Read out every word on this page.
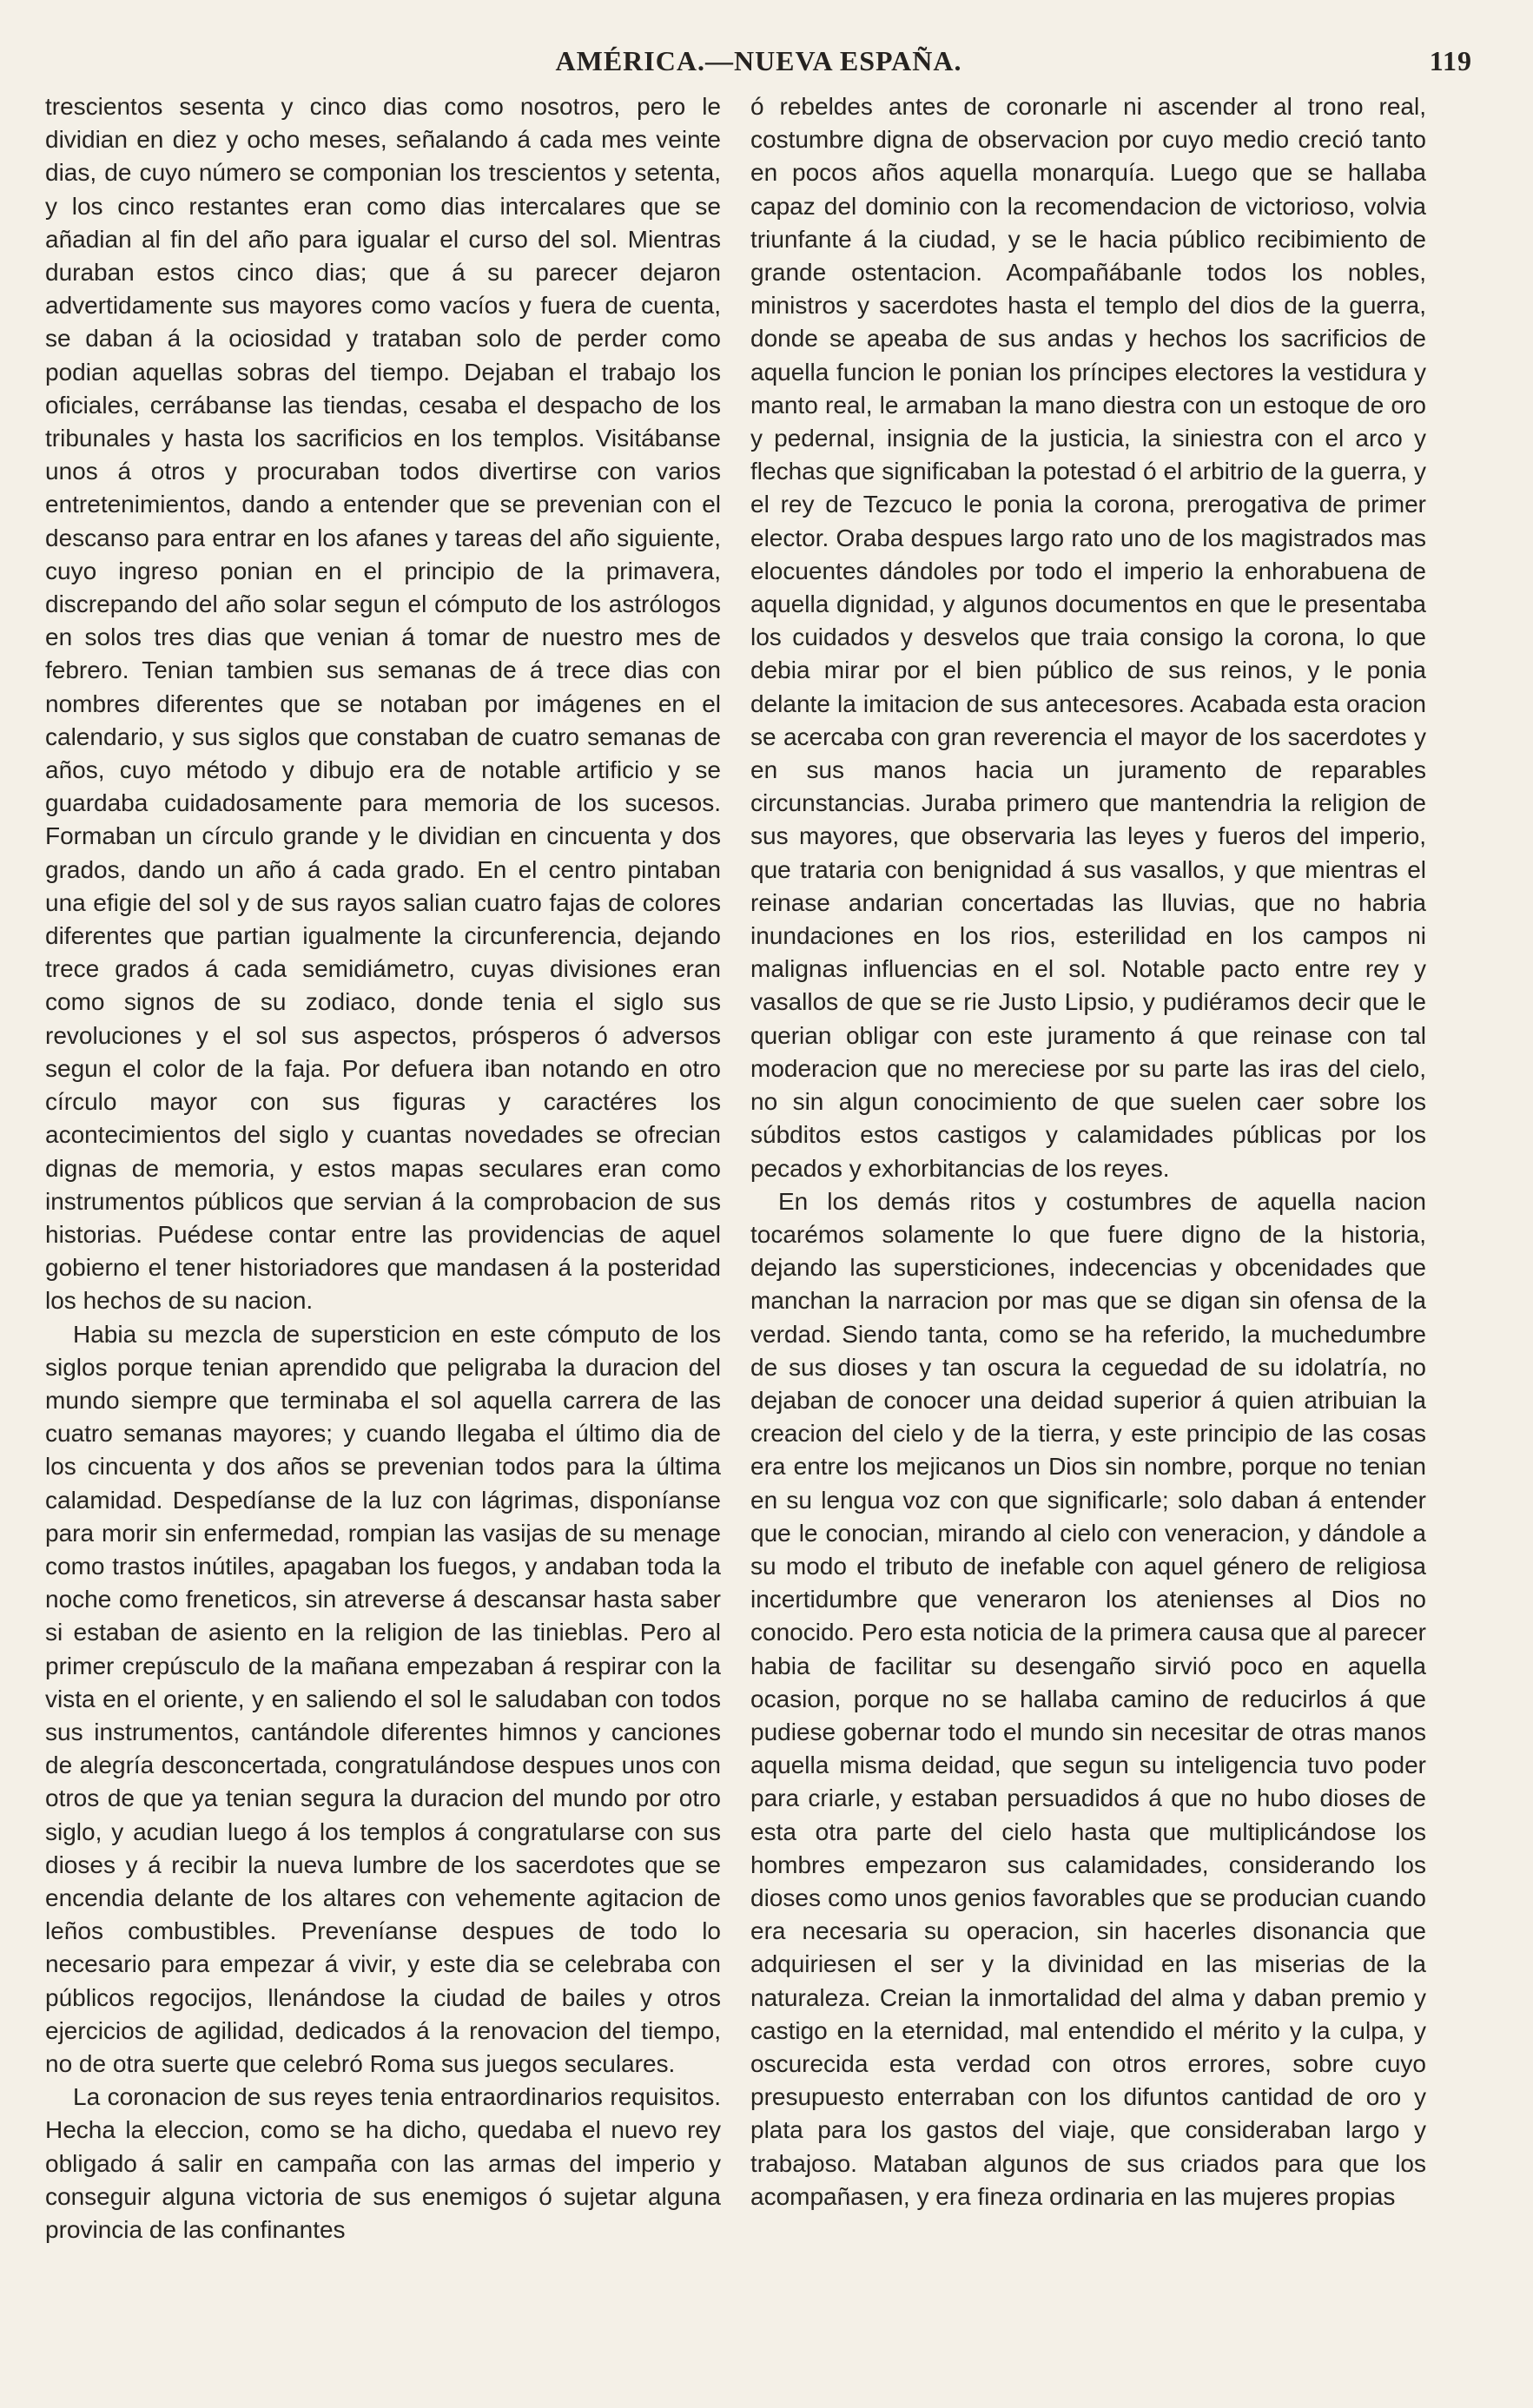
AMÉRICA.—NUEVA ESPAÑA.	119

trescientos sesenta y cinco dias como nosotros, pero le dividian en diez y ocho meses, señalando á cada mes veinte dias, de cuyo número se componian los trescientos y setenta, y los cinco restantes eran como dias intercalares que se añadian al fin del año para igualar el curso del sol. Mientras duraban estos cinco dias; que á su parecer dejaron advertidamente sus mayores como vacíos y fuera de cuenta, se daban á la ociosidad y trataban solo de perder como podian aquellas sobras del tiempo. Dejaban el trabajo los oficiales, cerrábanse las tiendas, cesaba el despacho de los tribunales y hasta los sacrificios en los templos. Visitábanse unos á otros y procuraban todos divertirse con varios entretenimientos, dando a entender que se prevenian con el descanso para entrar en los afanes y tareas del año siguiente, cuyo ingreso ponian en el principio de la primavera, discrepando del año solar segun el cómputo de los astrólogos en solos tres dias que venian á tomar de nuestro mes de febrero. Tenian tambien sus semanas de á trece dias con nombres diferentes que se notaban por imágenes en el calendario, y sus siglos que constaban de cuatro semanas de años, cuyo método y dibujo era de notable artificio y se guardaba cuidadosamente para memoria de los sucesos. Formaban un círculo grande y le dividian en cincuenta y dos grados, dando un año á cada grado. En el centro pintaban una efigie del sol y de sus rayos salian cuatro fajas de colores diferentes que partian igualmente la circunferencia, dejando trece grados á cada semidiámetro, cuyas divisiones eran como signos de su zodiaco, donde tenia el siglo sus revoluciones y el sol sus aspectos, prósperos ó adversos segun el color de la faja. Por defuera iban notando en otro círculo mayor con sus figuras y caractéres los acontecimientos del siglo y cuantas novedades se ofrecian dignas de memoria, y estos mapas seculares eran como instrumentos públicos que servian á la comprobacion de sus historias. Puédese contar entre las providencias de aquel gobierno el tener historiadores que mandasen á la posteridad los hechos de su nacion.

Habia su mezcla de supersticion en este cómputo de los siglos porque tenian aprendido que peligraba la duracion del mundo siempre que terminaba el sol aquella carrera de las cuatro semanas mayores; y cuando llegaba el último dia de los cincuenta y dos años se prevenian todos para la última calamidad. Despedíanse de la luz con lágrimas, disponíanse para morir sin enfermedad, rompian las vasijas de su menage como trastos inútiles, apagaban los fuegos, y andaban toda la noche como freneticos, sin atreverse á descansar hasta saber si estaban de asiento en la religion de las tinieblas. Pero al primer crepúsculo de la mañana empezaban á respirar con la vista en el oriente, y en saliendo el sol le saludaban con todos sus instrumentos, cantándole diferentes himnos y canciones de alegría desconcertada, congratulándose despues unos con otros de que ya tenian segura la duracion del mundo por otro siglo, y acudian luego á los templos á congratularse con sus dioses y á recibir la nueva lumbre de los sacerdotes que se encendia delante de los altares con vehemente agitacion de leños combustibles. Preveníanse despues de todo lo necesario para empezar á vivir, y este dia se celebraba con públicos regocijos, llenándose la ciudad de bailes y otros ejercicios de agilidad, dedicados á la renovacion del tiempo, no de otra suerte que celebró Roma sus juegos seculares.

La coronacion de sus reyes tenia entraordinarios requisitos. Hecha la eleccion, como se ha dicho, quedaba el nuevo rey obligado á salir en campaña con las armas del imperio y conseguir alguna victoria de sus enemigos ó sujetar alguna provincia de las confinantes

ó rebeldes antes de coronarle ni ascender al trono real, costumbre digna de observacion por cuyo medio creció tanto en pocos años aquella monarquía. Luego que se hallaba capaz del dominio con la recomendacion de victorioso, volvia triunfante á la ciudad, y se le hacia público recibimiento de grande ostentacion. Acompañábanle todos los nobles, ministros y sacerdotes hasta el templo del dios de la guerra, donde se apeaba de sus andas y hechos los sacrificios de aquella funcion le ponian los príncipes electores la vestidura y manto real, le armaban la mano diestra con un estoque de oro y pedernal, insignia de la justicia, la siniestra con el arco y flechas que significaban la potestad ó el arbitrio de la guerra, y el rey de Tezcuco le ponia la corona, prerogativa de primer elector. Oraba despues largo rato uno de los magistrados mas elocuentes dándoles por todo el imperio la enhorabuena de aquella dignidad, y algunos documentos en que le presentaba los cuidados y desvelos que traia consigo la corona, lo que debia mirar por el bien público de sus reinos, y le ponia delante la imitacion de sus antecesores. Acabada esta oracion se acercaba con gran reverencia el mayor de los sacerdotes y en sus manos hacia un juramento de reparables circunstancias. Juraba primero que mantendria la religion de sus mayores, que observaria las leyes y fueros del imperio, que trataria con benignidad á sus vasallos, y que mientras el reinase andarian concertadas las lluvias, que no habria inundaciones en los rios, esterilidad en los campos ni malignas influencias en el sol. Notable pacto entre rey y vasallos de que se rie Justo Lipsio, y pudiéramos decir que le querian obligar con este juramento á que reinase con tal moderacion que no mereciese por su parte las iras del cielo, no sin algun conocimiento de que suelen caer sobre los súbditos estos castigos y calamidades públicas por los pecados y exhorbitancias de los reyes.

En los demás ritos y costumbres de aquella nacion tocarémos solamente lo que fuere digno de la historia, dejando las supersticiones, indecencias y obcenidades que manchan la narracion por mas que se digan sin ofensa de la verdad. Siendo tanta, como se ha referido, la muchedumbre de sus dioses y tan oscura la ceguedad de su idolatría, no dejaban de conocer una deidad superior á quien atribuian la creacion del cielo y de la tierra, y este principio de las cosas era entre los mejicanos un Dios sin nombre, porque no tenian en su lengua voz con que significarle; solo daban á entender que le conocian, mirando al cielo con veneracion, y dándole a su modo el tributo de inefable con aquel género de religiosa incertidumbre que veneraron los atenienses al Dios no conocido. Pero esta noticia de la primera causa que al parecer habia de facilitar su desengaño sirvió poco en aquella ocasion, porque no se hallaba camino de reducirlos á que pudiese gobernar todo el mundo sin necesitar de otras manos aquella misma deidad, que segun su inteligencia tuvo poder para criarle, y estaban persuadidos á que no hubo dioses de esta otra parte del cielo hasta que multiplicándose los hombres empezaron sus calamidades, considerando los dioses como unos genios favorables que se producian cuando era necesaria su operacion, sin hacerles disonancia que adquiriesen el ser y la divinidad en las miserias de la naturaleza. Creian la inmortalidad del alma y daban premio y castigo en la eternidad, mal entendido el mérito y la culpa, y oscurecida esta verdad con otros errores, sobre cuyo presupuesto enterraban con los difuntos cantidad de oro y plata para los gastos del viaje, que consideraban largo y trabajoso. Mataban algunos de sus criados para que los acompañasen, y era fineza ordinaria en las mujeres propias
